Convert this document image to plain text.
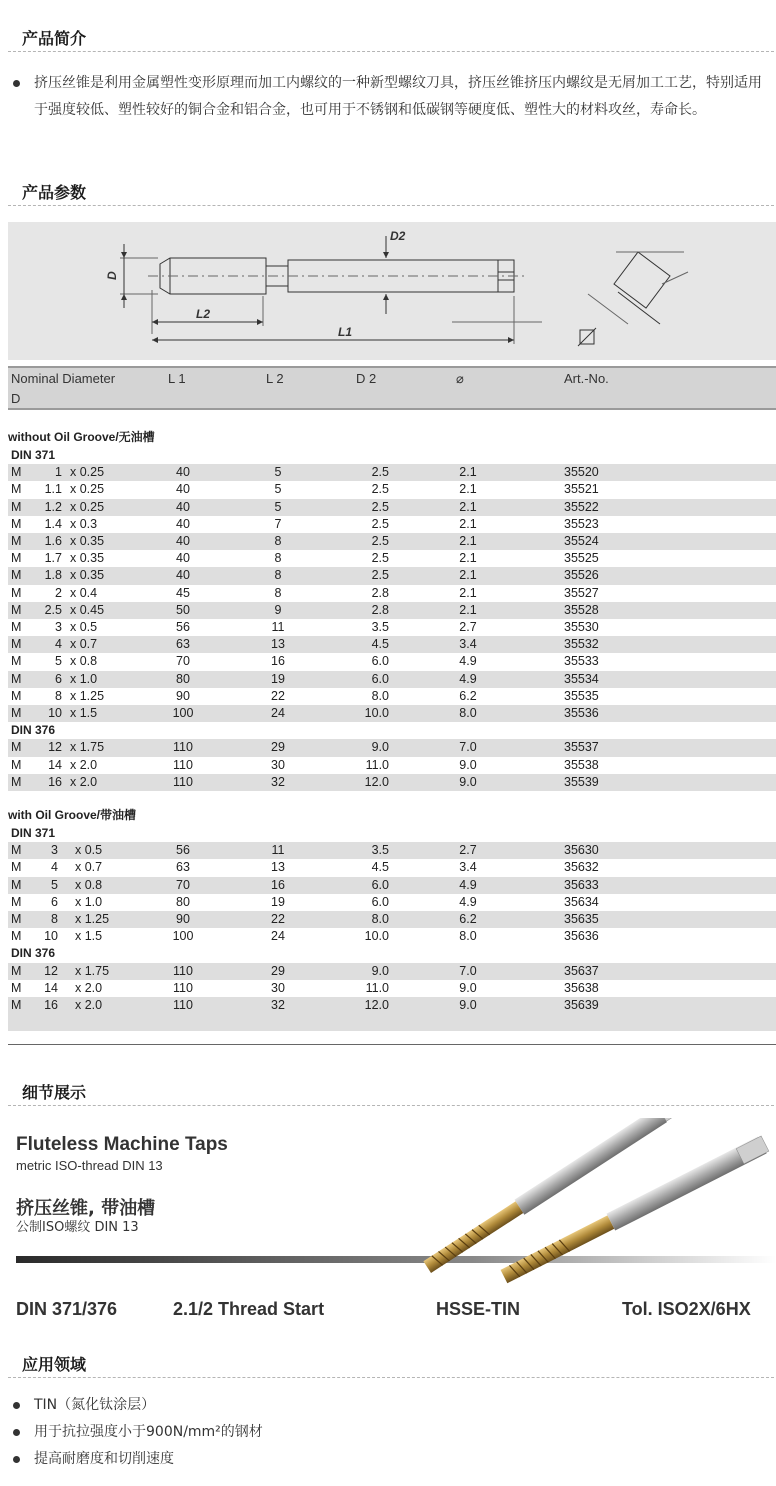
产品简介
挤压丝锥是利用金属塑性变形原理而加工内螺纹的一种新型螺纹刀具，挤压丝锥挤压内螺纹是无屑加工工艺，特别适用于强度较低、塑性较好的铜合金和铝合金，也可用于不锈钢和低碳钢等硬度低、塑性大的材料攻丝，寿命长。
产品参数
D
D2
L2
L1
Nominal Diameter
D
L 1	L 2	D 2	⌀	Art.-No.
without Oil Groove/无油槽
DIN 371
M	1 x 0.25	40	5	2.5	2.1	35520
M	1.1 x 0.25	40	5	2.5	2.1	35521
M	1.2 x 0.25	40	5	2.5	2.1	35522
M	1.4 x 0.3	40	7	2.5	2.1	35523
M	1.6 x 0.35	40	8	2.5	2.1	35524
M	1.7 x 0.35	40	8	2.5	2.1	35525
M	1.8 x 0.35	40	8	2.5	2.1	35526
M	2 x 0.4	45	8	2.8	2.1	35527
M	2.5 x 0.45	50	9	2.8	2.1	35528
M	3 x 0.5	56	11	3.5	2.7	35530
M	4 x 0.7	63	13	4.5	3.4	35532
M	5 x 0.8	70	16	6.0	4.9	35533
M	6 x 1.0	80	19	6.0	4.9	35534
M	8 x 1.25	90	22	8.0	6.2	35535
M	10 x 1.5	100	24	10.0	8.0	35536
DIN 376
M	12 x 1.75	110	29	9.0	7.0	35537
M	14 x 2.0	110	30	11.0	9.0	35538
M	16 x 2.0	110	32	12.0	9.0	35539
with Oil Groove/带油槽
DIN 371
M	3 x 0.5	56	11	3.5	2.7	35630
M	4 x 0.7	63	13	4.5	3.4	35632
M	5 x 0.8	70	16	6.0	4.9	35633
M	6 x 1.0	80	19	6.0	4.9	35634
M	8 x 1.25	90	22	8.0	6.2	35635
M	10 x 1.5	100	24	10.0	8.0	35636
DIN 376
M	12 x 1.75	110	29	9.0	7.0	35637
M	14 x 2.0	110	30	11.0	9.0	35638
M	16 x 2.0	110	32	12.0	9.0	35639
细节展示
Fluteless Machine Taps
metric ISO-thread DIN 13
挤压丝锥, 带油槽
公制ISO螺纹 DIN 13
DIN 371/376	2.1/2 Thread Start	HSSE-TIN	Tol. ISO2X/6HX
应用领域
TIN（氮化钛涂层）
用于抗拉强度小于900N/mm²的钢材
提高耐磨度和切削速度
